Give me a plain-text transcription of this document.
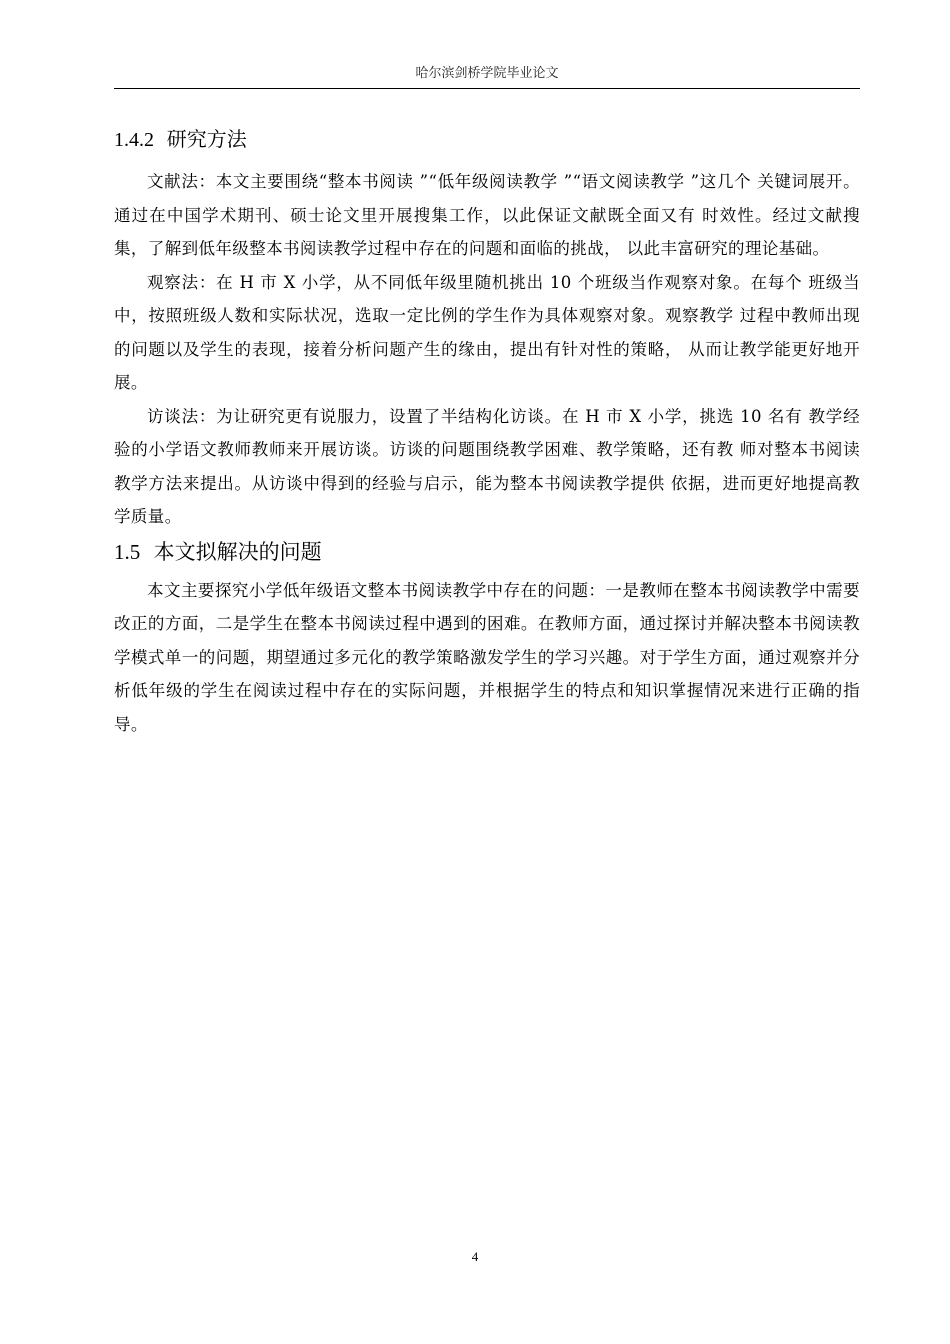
哈尔滨剑桥学院毕业论文
1.4.2 研究方法

文献法：本文主要围绕“整本书阅读 ”“低年级阅读教学 ”“语文阅读教学 ”这几个 关键词展开。通过在中国学术期刊、硕士论文里开展搜集工作，以此保证文献既全面又有 时效性。经过文献搜集，了解到低年级整本书阅读教学过程中存在的问题和面临的挑战， 以此丰富研究的理论基础。

观察法：在 H 市 X 小学，从不同低年级里随机挑出 10 个班级当作观察对象。在每个 班级当中，按照班级人数和实际状况，选取一定比例的学生作为具体观察对象。观察教学 过程中教师出现的问题以及学生的表现，接着分析问题产生的缘由，提出有针对性的策略， 从而让教学能更好地开展。

访谈法：为让研究更有说服力，设置了半结构化访谈。在 H 市 X 小学，挑选 10 名有 教学经验的小学语文教师教师来开展访谈。访谈的问题围绕教学困难、教学策略，还有教 师对整本书阅读教学方法来提出。从访谈中得到的经验与启示，能为整本书阅读教学提供 依据，进而更好地提高教学质量。

1.5 本文拟解决的问题

本文主要探究小学低年级语文整本书阅读教学中存在的问题：一是教师在整本书阅读教学中需要改正的方面，二是学生在整本书阅读过程中遇到的困难。在教师方面，通过探讨并解决整本书阅读教学模式单一的问题，期望通过多元化的教学策略激发学生的学习兴趣。对于学生方面，通过观察并分析低年级的学生在阅读过程中存在的实际问题，并根据学生的特点和知识掌握情况来进行正确的指导。

4
